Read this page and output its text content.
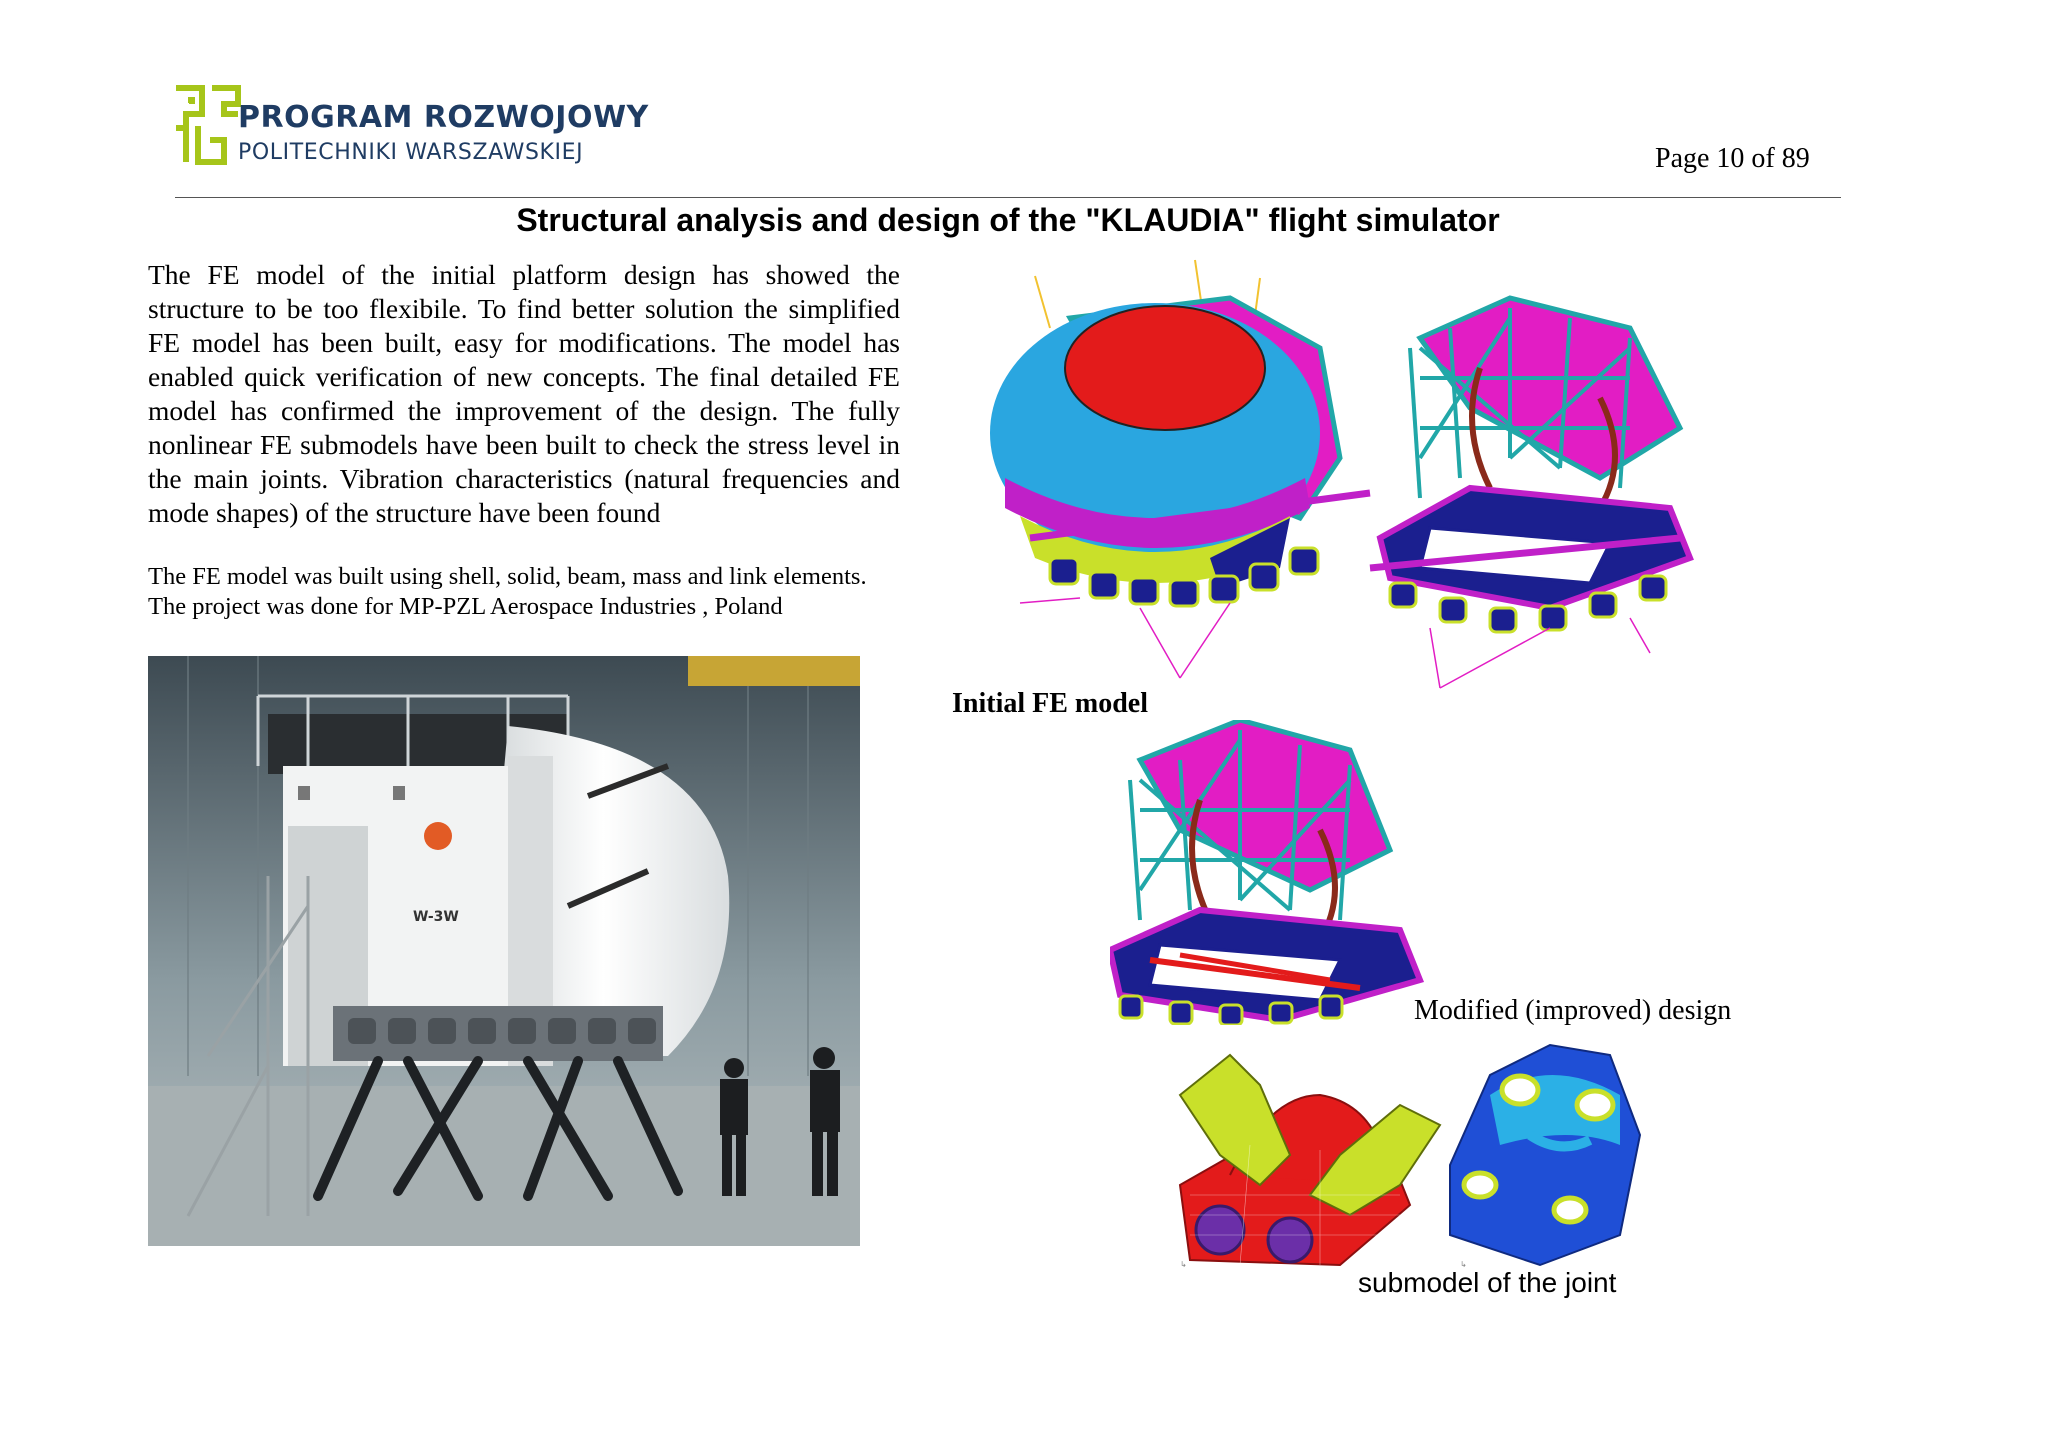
PROGRAM ROZWOJOWY
POLITECHNIKI WARSZAWSKIEJ	Page 10 of 89
Structural analysis and design of the "KLAUDIA" flight simulator
The FE model of the initial platform design has showed the structure to be too flexibile. To find better solution the simplified FE model has been built, easy for modifications. The model has enabled quick verification of new concepts. The final detailed FE model has confirmed the improvement of the design. The fully nonlinear FE submodels have been built to check the stress level in the main joints. Vibration characteristics (natural frequencies and mode shapes) of the structure have been found
The FE model was built using shell, solid, beam, mass and link elements. The project was done for MP-PZL Aerospace Industries , Poland
W-3W
Initial FE model
Modified (improved) design
↳	↳
submodel of the joint
